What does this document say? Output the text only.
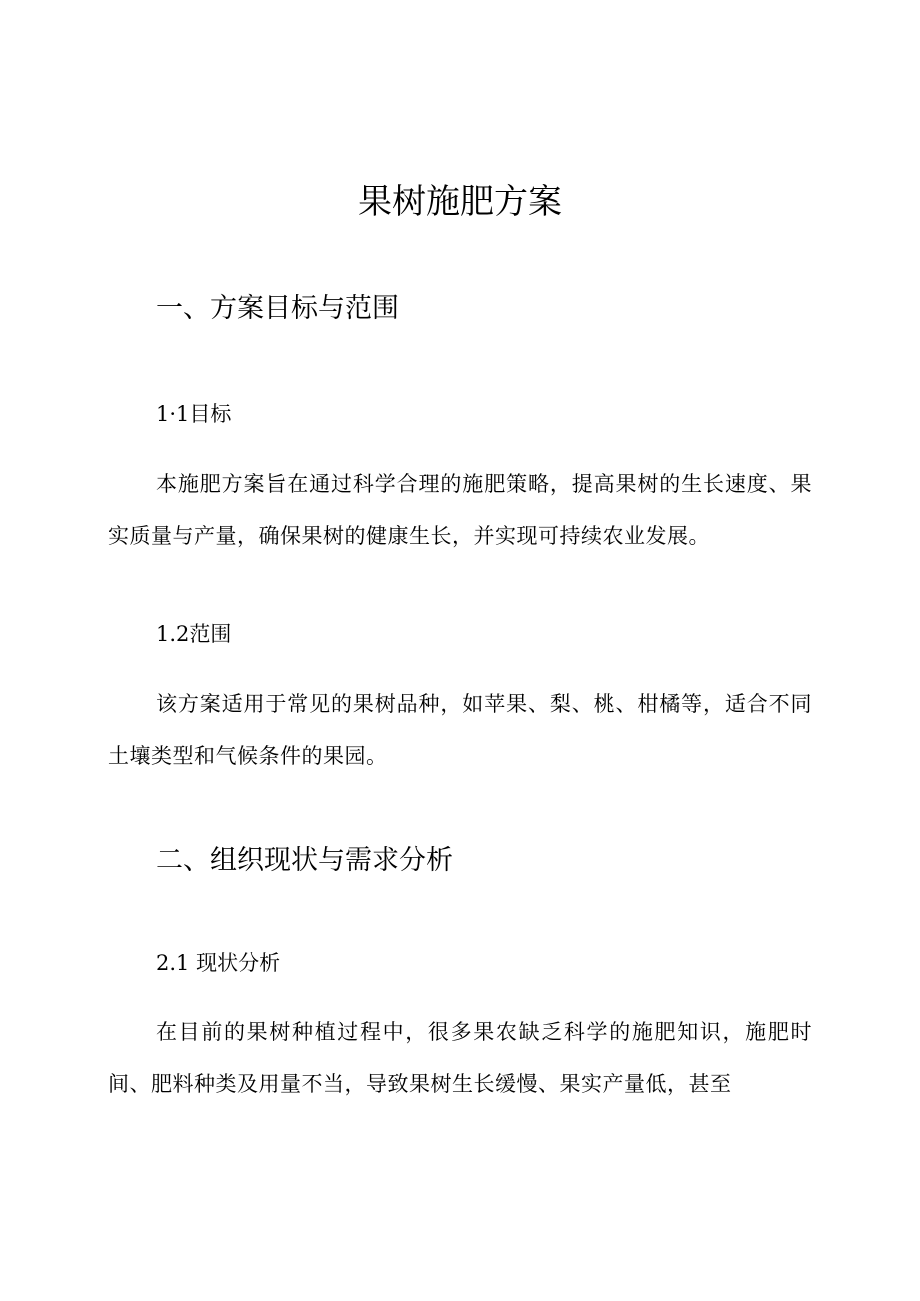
果树施肥方案
一、方案目标与范围
1·1目标

本施肥方案旨在通过科学合理的施肥策略，提高果树的生长速度、果实质量与产量，确保果树的健康生长，并实现可持续农业发展。

1.2范围

该方案适用于常见的果树品种，如苹果、梨、桃、柑橘等，适合不同土壤类型和气候条件的果园。

二、组织现状与需求分析
2.1 现状分析

在目前的果树种植过程中，很多果农缺乏科学的施肥知识，施肥时间、肥料种类及用量不当，导致果树生长缓慢、果实产量低，甚至
